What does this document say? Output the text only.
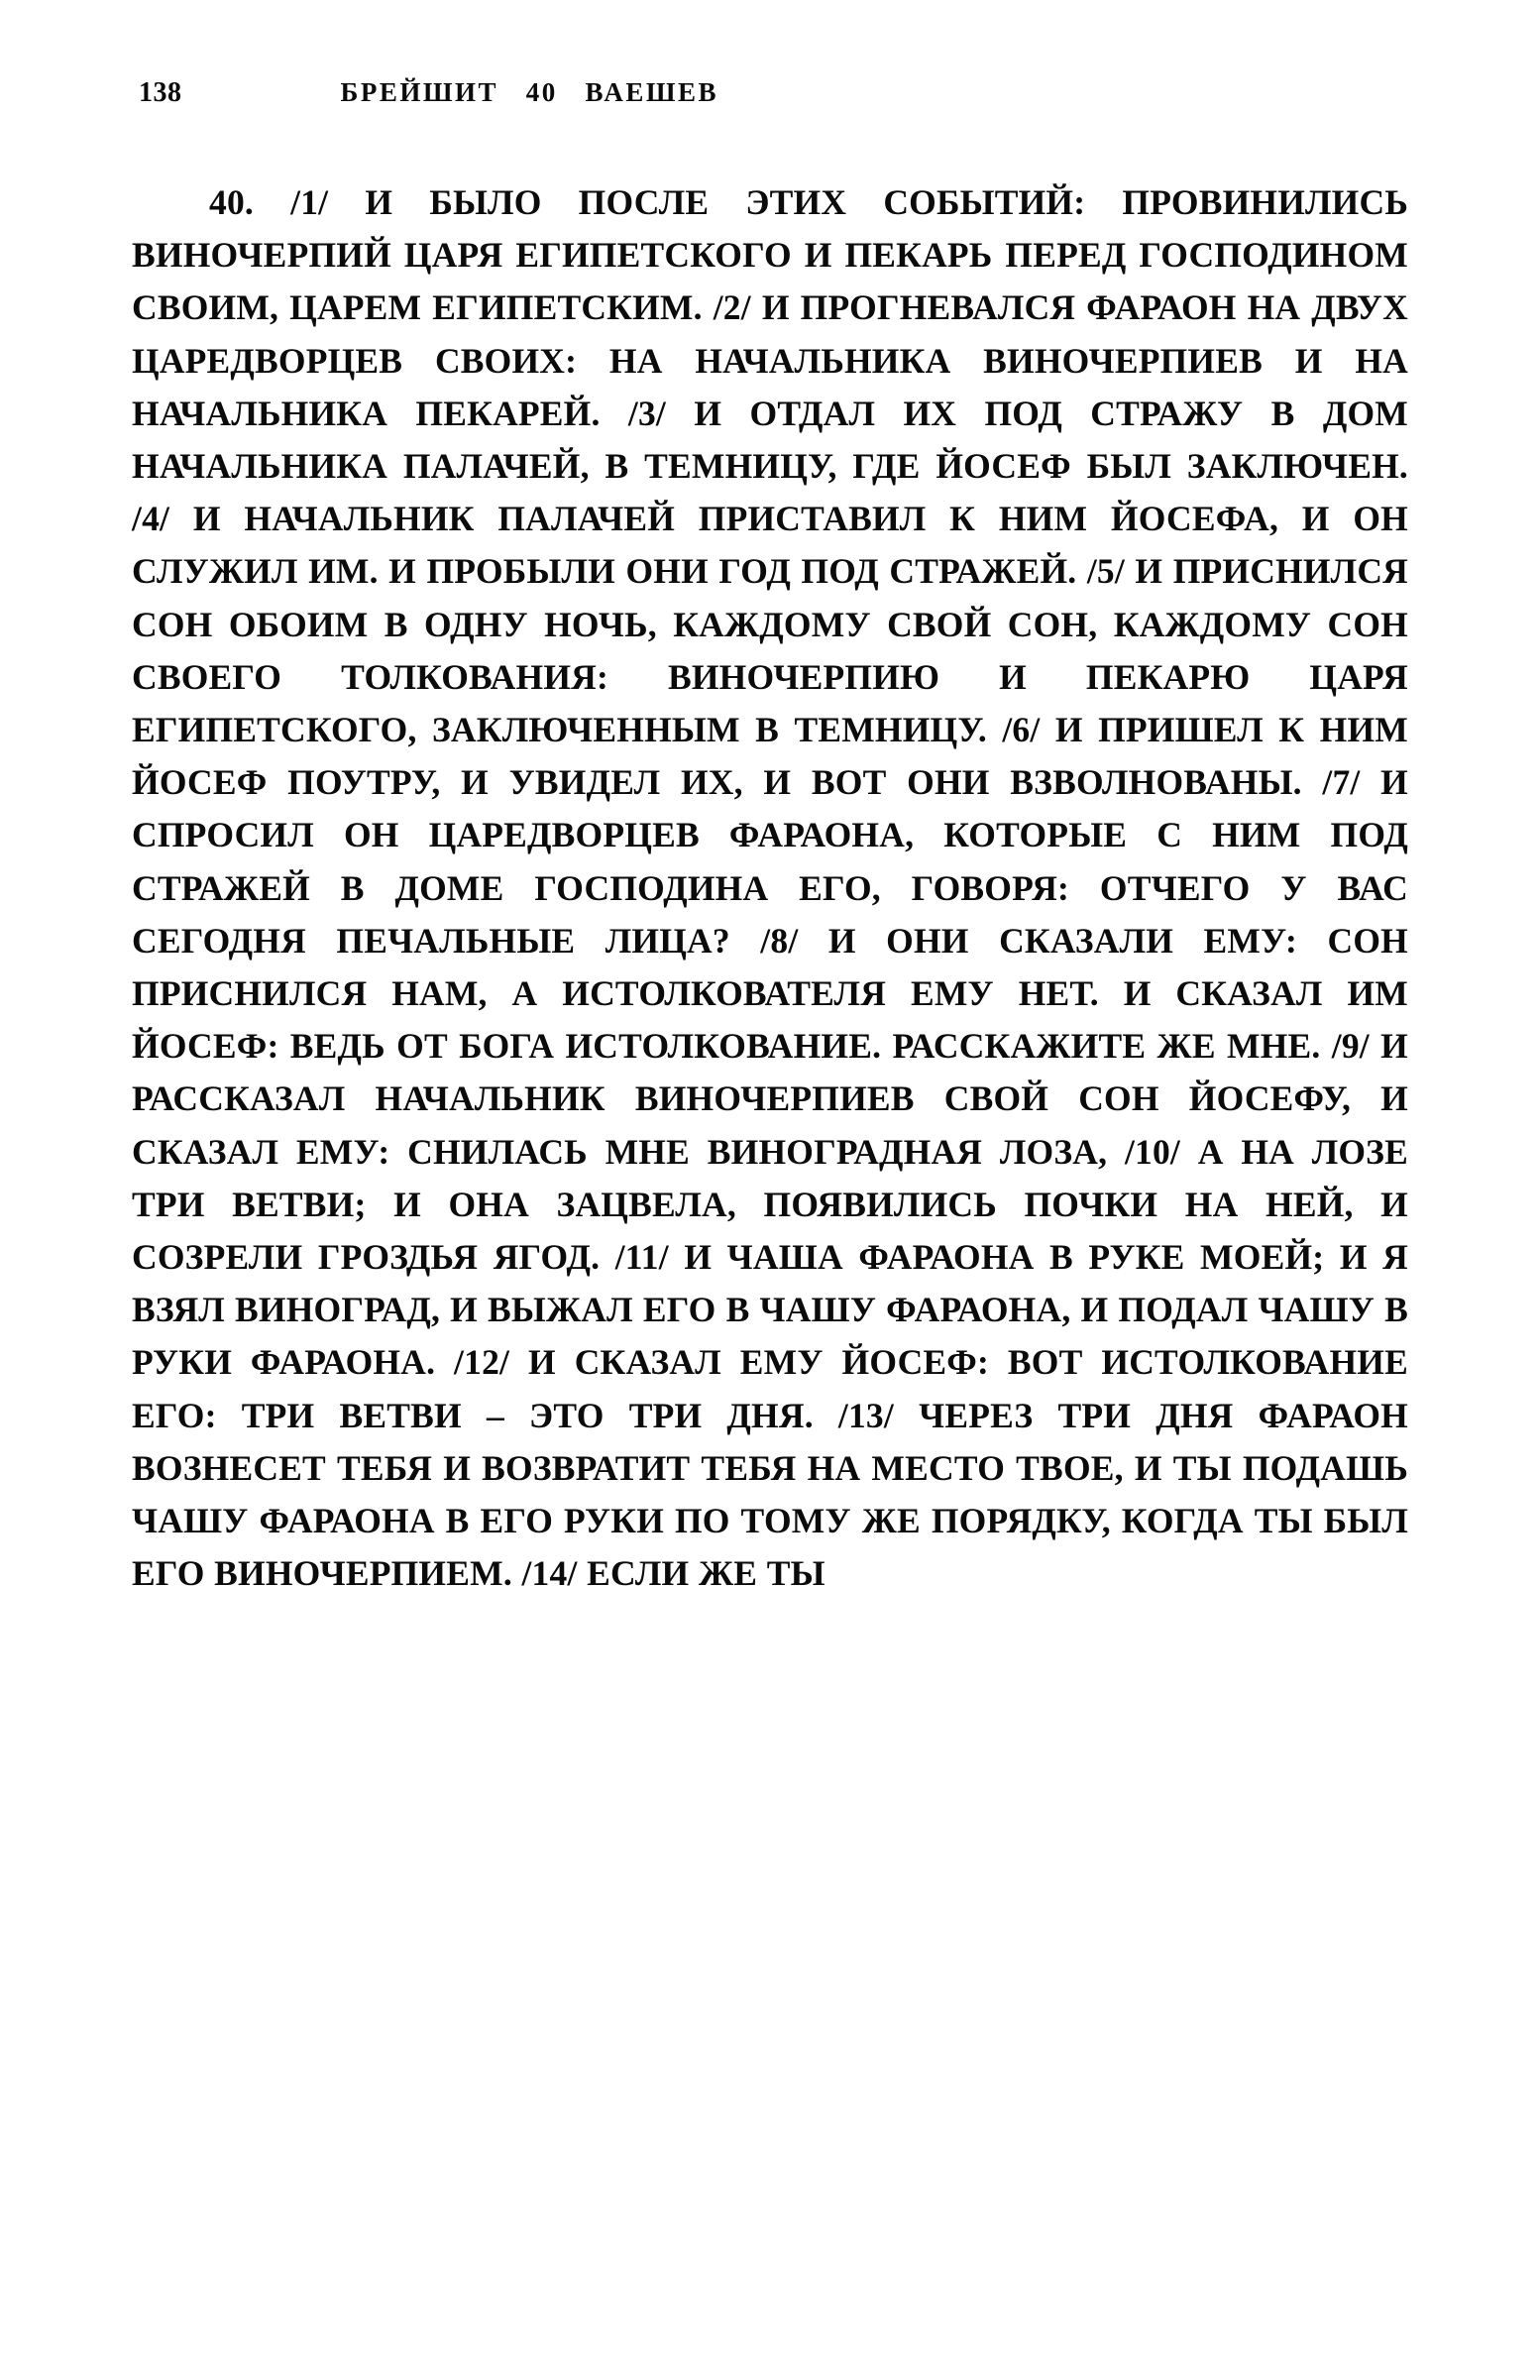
138	БРЕЙШИТ   40   ВАЕШЕВ

40. /1/ И БЫЛО ПОСЛЕ ЭТИХ СОБЫТИЙ: ПРОВИНИЛИСЬ ВИНОЧЕРПИЙ ЦАРЯ ЕГИПЕТСКОГО И ПЕКАРЬ ПЕРЕД ГОСПОДИНОМ СВОИМ, ЦАРЕМ ЕГИПЕТСКИМ. /2/ И ПРОГНЕВАЛСЯ ФАРАОН НА ДВУХ ЦАРЕДВОРЦЕВ СВОИХ: НА НАЧАЛЬНИКА ВИНОЧЕРПИЕВ И НА НАЧАЛЬНИКА ПЕКАРЕЙ. /3/ И ОТДАЛ ИХ ПОД СТРАЖУ В ДОМ НАЧАЛЬНИКА ПАЛАЧЕЙ, В ТЕМНИЦУ, ГДЕ ЙОСЕФ БЫЛ ЗАКЛЮЧЕН. /4/ И НАЧАЛЬНИК ПАЛАЧЕЙ ПРИСТАВИЛ К НИМ ЙОСЕФА, И ОН СЛУЖИЛ ИМ. И ПРОБЫЛИ ОНИ ГОД ПОД СТРАЖЕЙ. /5/ И ПРИСНИЛСЯ СОН ОБОИМ В ОДНУ НОЧЬ, КАЖДОМУ СВОЙ СОН, КАЖДОМУ СОН СВОЕГО ТОЛКОВАНИЯ: ВИНОЧЕРПИЮ И ПЕКАРЮ ЦАРЯ ЕГИПЕТСКОГО, ЗАКЛЮЧЕННЫМ В ТЕМНИЦУ. /6/ И ПРИШЕЛ К НИМ ЙОСЕФ ПОУТРУ, И УВИДЕЛ ИХ, И ВОТ ОНИ ВЗВОЛНОВАНЫ. /7/ И СПРОСИЛ ОН ЦАРЕДВОРЦЕВ ФАРАОНА, КОТОРЫЕ С НИМ ПОД СТРАЖЕЙ В ДОМЕ ГОСПОДИНА ЕГО, ГОВОРЯ: ОТЧЕГО У ВАС СЕГОДНЯ ПЕЧАЛЬНЫЕ ЛИЦА? /8/ И ОНИ СКАЗАЛИ ЕМУ: СОН ПРИСНИЛСЯ НАМ, А ИСТОЛКОВАТЕЛЯ ЕМУ НЕТ. И СКАЗАЛ ИМ ЙОСЕФ: ВЕДЬ ОТ БОГА ИСТОЛКОВАНИЕ. РАССКАЖИТЕ ЖЕ МНЕ. /9/ И РАССКАЗАЛ НАЧАЛЬНИК ВИНОЧЕРПИЕВ СВОЙ СОН ЙОСЕФУ, И СКАЗАЛ ЕМУ: СНИЛАСЬ МНЕ ВИНОГРАДНАЯ ЛОЗА, /10/ А НА ЛОЗЕ ТРИ ВЕТВИ; И ОНА ЗАЦВЕЛА, ПОЯВИЛИСЬ ПОЧКИ НА НЕЙ, И СОЗРЕЛИ ГРОЗДЬЯ ЯГОД. /11/ И ЧАША ФАРАОНА В РУКЕ МОЕЙ; И Я ВЗЯЛ ВИНОГРАД, И ВЫЖАЛ ЕГО В ЧАШУ ФАРАОНА, И ПОДАЛ ЧАШУ В РУКИ ФАРАОНА. /12/ И СКАЗАЛ ЕМУ ЙОСЕФ: ВОТ ИСТОЛКОВАНИЕ ЕГО: ТРИ ВЕТВИ – ЭТО ТРИ ДНЯ. /13/ ЧЕРЕЗ ТРИ ДНЯ ФАРАОН ВОЗНЕСЕТ ТЕБЯ И ВОЗВРАТИТ ТЕБЯ НА МЕСТО ТВОЕ, И ТЫ ПОДАШЬ ЧАШУ ФАРАОНА В ЕГО РУКИ ПО ТОМУ ЖЕ ПОРЯДКУ, КОГДА ТЫ БЫЛ ЕГО ВИНОЧЕРПИЕМ. /14/ ЕСЛИ ЖЕ ТЫ
